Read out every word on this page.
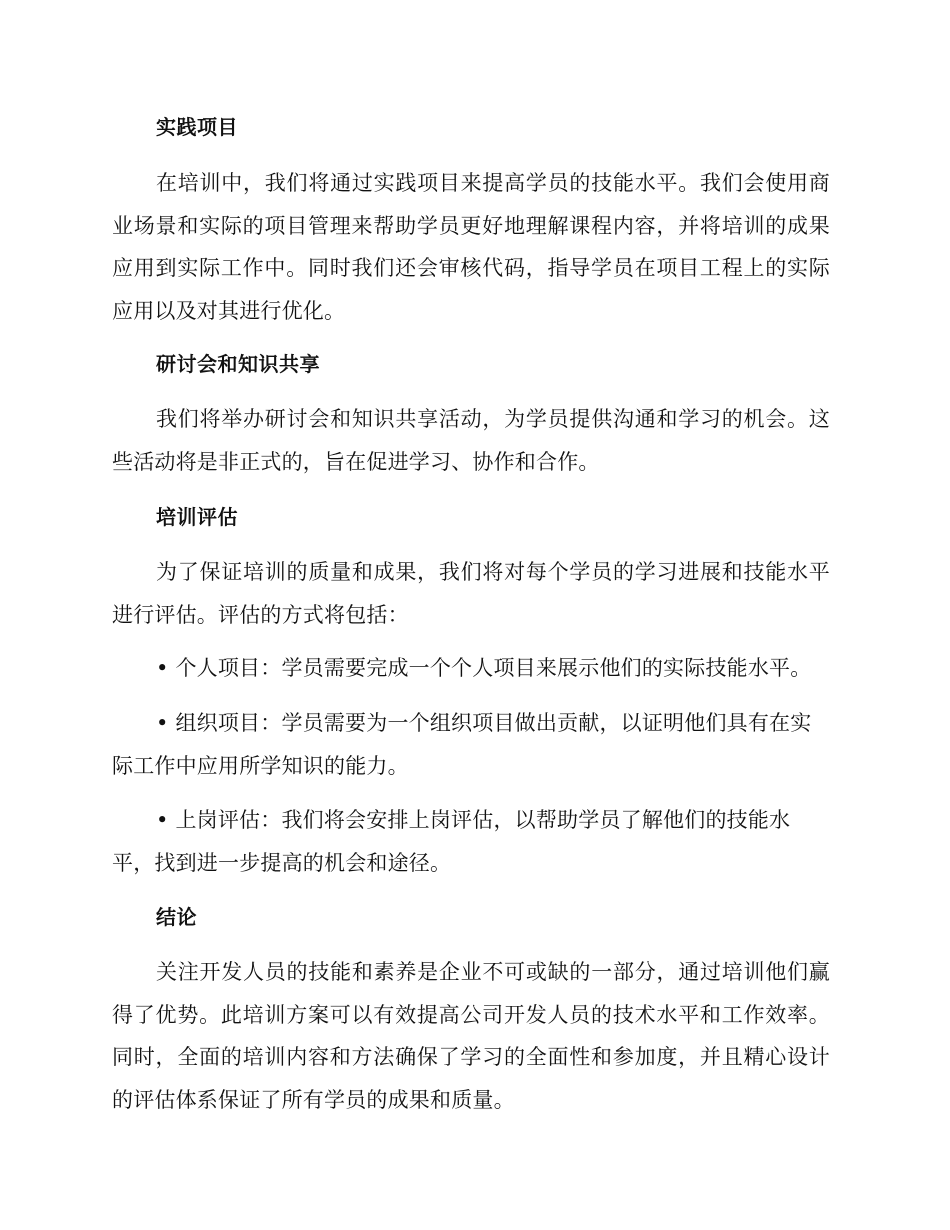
实践项目
在培训中，我们将通过实践项目来提高学员的技能水平。我们会使用商业场景和实际的项目管理来帮助学员更好地理解课程内容，并将培训的成果应用到实际工作中。同时我们还会审核代码，指导学员在项目工程上的实际应用以及对其进行优化。
研讨会和知识共享
我们将举办研讨会和知识共享活动，为学员提供沟通和学习的机会。这些活动将是非正式的，旨在促进学习、协作和合作。
培训评估
为了保证培训的质量和成果，我们将对每个学员的学习进展和技能水平进行评估。评估的方式将包括：
• 个人项目：学员需要完成一个个人项目来展示他们的实际技能水平。
• 组织项目：学员需要为一个组织项目做出贡献，以证明他们具有在实际工作中应用所学知识的能力。
• 上岗评估：我们将会安排上岗评估，以帮助学员了解他们的技能水平，找到进一步提高的机会和途径。
结论
关注开发人员的技能和素养是企业不可或缺的一部分，通过培训他们赢得了优势。此培训方案可以有效提高公司开发人员的技术水平和工作效率。同时，全面的培训内容和方法确保了学习的全面性和参加度，并且精心设计的评估体系保证了所有学员的成果和质量。
